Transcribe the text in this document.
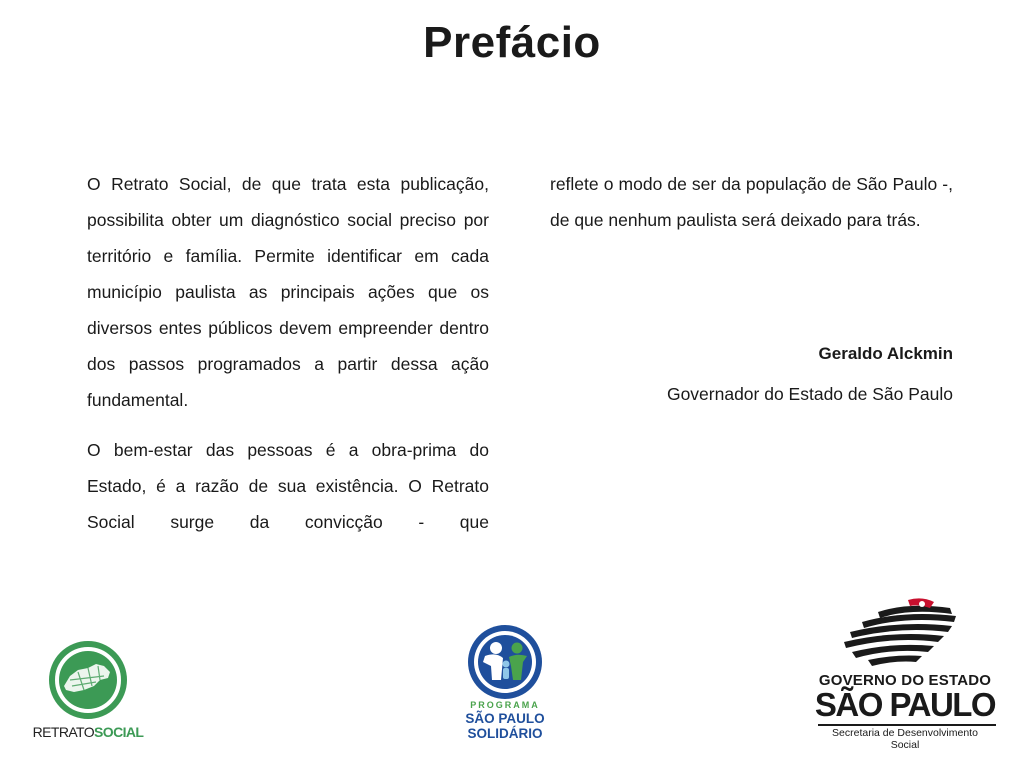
Prefácio

O Retrato Social, de que trata esta publicação, possibilita obter um diagnóstico social preciso por território e família. Permite identificar em cada município paulista as principais ações que os diversos entes públicos devem empreender dentro dos passos programados a partir dessa ação fundamental.

O bem-estar das pessoas é a obra-prima do Estado, é a razão de sua existência. O Retrato Social surge da convicção - que

reflete o modo de ser da população de São Paulo -, de que nenhum paulista será deixado para trás.

Geraldo Alckmin
Governador do Estado de São Paulo
RETRATOSOCIAL
PROGRAMA
SÃO PAULO
SOLIDÁRIO
GOVERNO DO ESTADO
SÃO PAULO
Secretaria de Desenvolvimento
Social
